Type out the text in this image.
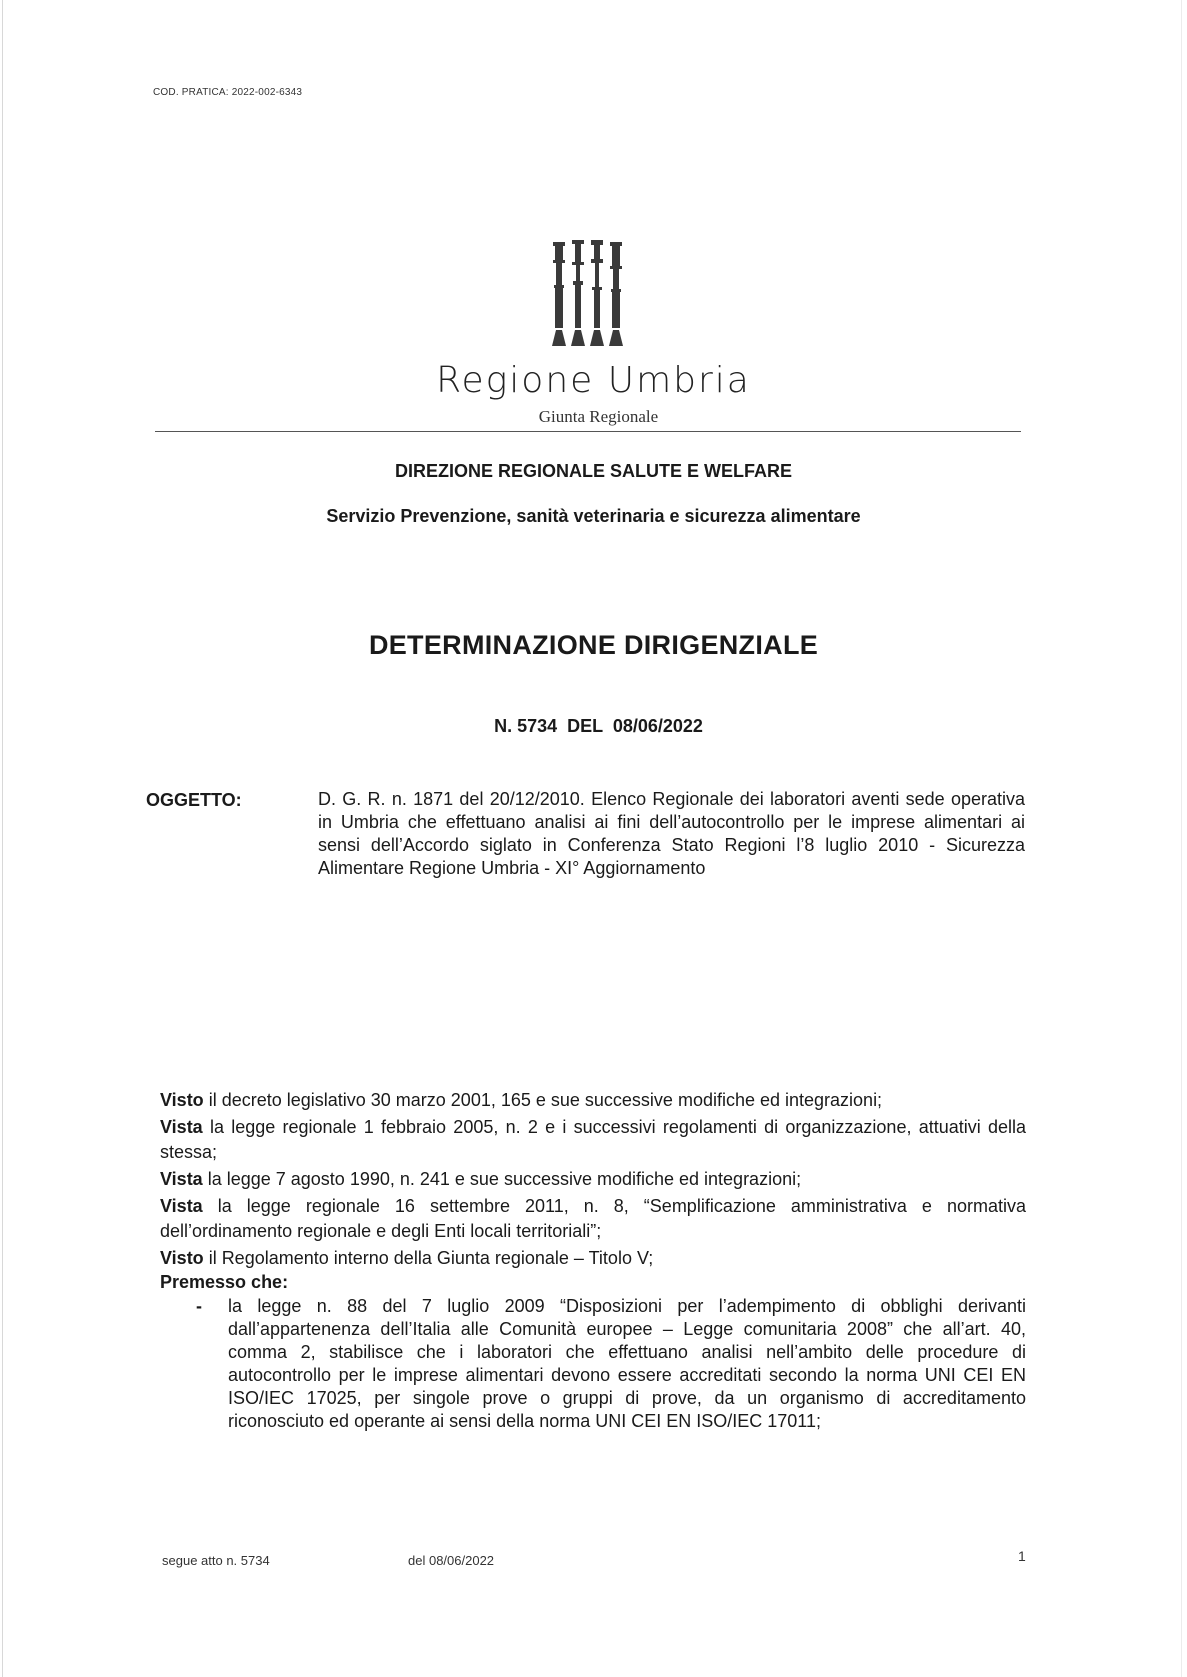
COD. PRATICA: 2022-002-6343
Regione Umbria
Giunta Regionale
DIREZIONE REGIONALE SALUTE E WELFARE
Servizio Prevenzione, sanità veterinaria e sicurezza alimentare
DETERMINAZIONE DIRIGENZIALE
N. 5734  DEL  08/06/2022
OGGETTO:	D. G. R. n. 1871 del 20/12/2010. Elenco Regionale dei laboratori aventi sede operativa in Umbria che effettuano analisi ai fini dell’autocontrollo per le imprese alimentari ai sensi dell’Accordo siglato in Conferenza Stato Regioni l’8 luglio 2010 - Sicurezza Alimentare Regione Umbria - XI° Aggiornamento

Visto il decreto legislativo 30 marzo 2001, 165 e sue successive modifiche ed integrazioni;

Vista la legge regionale 1 febbraio 2005, n. 2 e i successivi regolamenti di organizzazione, attuativi della stessa;

Vista la legge 7 agosto 1990, n. 241 e sue successive modifiche ed integrazioni;

Vista la legge regionale 16 settembre 2011, n. 8, “Semplificazione amministrativa e normativa dell’ordinamento regionale e degli Enti locali territoriali”;

Visto il Regolamento interno della Giunta regionale – Titolo V;

Premesso che:

- la legge n. 88 del 7 luglio 2009 “Disposizioni per l’adempimento di obblighi derivanti dall’appartenenza dell’Italia alle Comunità europee – Legge comunitaria 2008” che all’art. 40, comma 2, stabilisce che i laboratori che effettuano analisi nell’ambito delle procedure di autocontrollo per le imprese alimentari devono essere accreditati secondo la norma UNI CEI EN ISO/IEC 17025, per singole prove o gruppi di prove, da un organismo di accreditamento riconosciuto ed operante ai sensi della norma UNI CEI EN ISO/IEC 17011;
segue atto n. 5734	del 08/06/2022	1
